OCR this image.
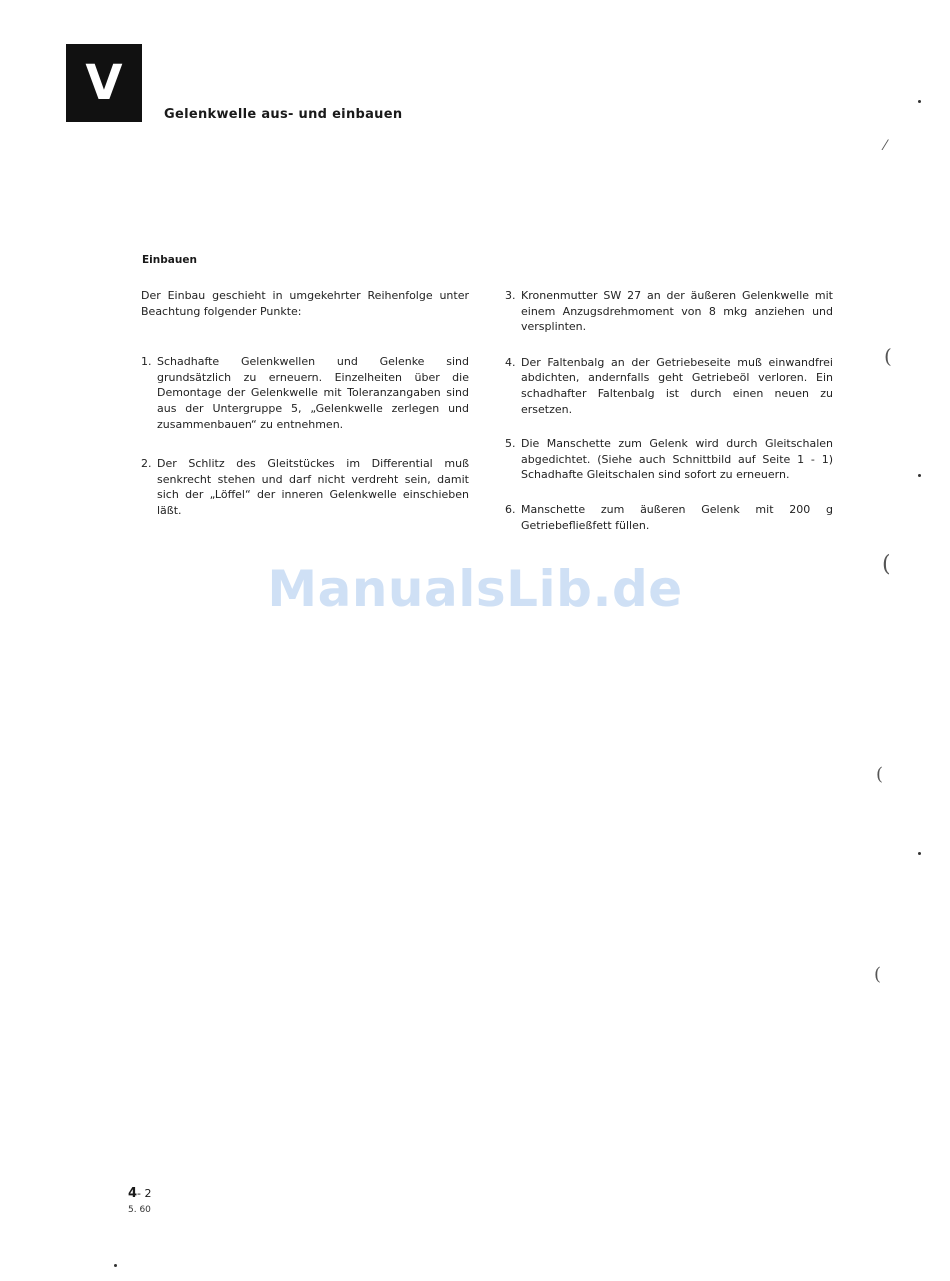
V
Gelenkwelle aus- und einbauen
Einbauen

Der Einbau geschieht in umgekehrter Reihenfolge unter Beachtung folgender Punkte:

1. Schadhafte Gelenkwellen und Gelenke sind grundsätzlich zu erneuern. Einzelheiten über die Demontage der Gelenkwelle mit Toleranzangaben sind aus der Untergruppe 5, „Gelenkwelle zerlegen und zusammenbauen“ zu entnehmen.
2. Der Schlitz des Gleitstückes im Differential muß senkrecht stehen und darf nicht verdreht sein, damit sich der „Löffel“ der inneren Gelenkwelle einschieben läßt.
3. Kronenmutter SW 27 an der äußeren Gelenkwelle mit einem Anzugsdrehmoment von 8 mkg anziehen und versplinten.
4. Der Faltenbalg an der Getriebeseite muß einwandfrei abdichten, andernfalls geht Getriebeöl verloren. Ein schadhafter Faltenbalg ist durch einen neuen zu ersetzen.
5. Die Manschette zum Gelenk wird durch Gleitschalen abgedichtet. (Siehe auch Schnittbild auf Seite 1 - 1) Schadhafte Gleitschalen sind sofort zu erneuern.
6. Manschette zum äußeren Gelenk mit 200 g Getriebefließfett füllen.
ManualsLib.de
4- 2
5. 60
⁄
(
(
(
(
